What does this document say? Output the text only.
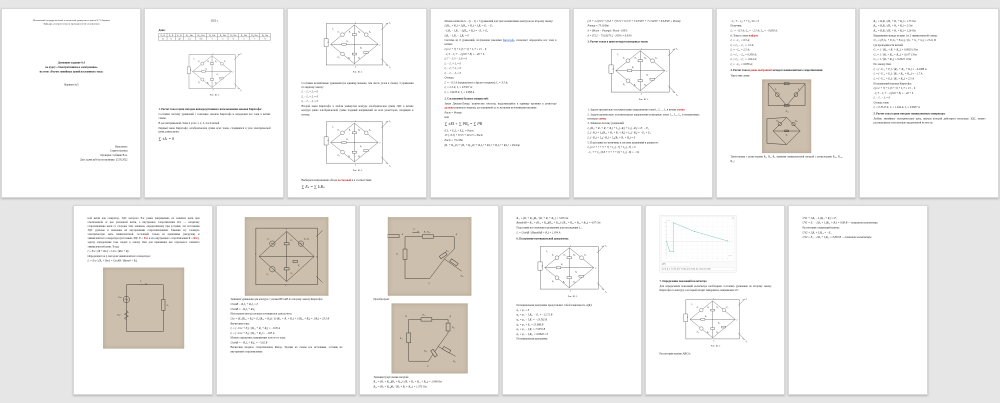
Московский государственный технический университет имени Н.Э. Баумана
Кафедра электротехники и промышленной электроники
Домашнее задание №1
по курсу «Электротехника и электроника»
на тему «Расчет линейных цепей постоянного тока»
Вариант №5
Выполнил:
Студент группы
Проверил: Себякин В.А.
Дата сдачи работы на проверку: 25.05.2022
2022 г.
Дано:
E₁, В	E₂, В	E₃, В	R₀₁, Ом	R₀₂, Ом	R₁, Ом	R₂, Ом	R₃, Ом	R₄, Ом	R₅, Ом	R₆, Ом
15	6	40	1.2	0.8	7	5	6	5	7	8
I₂
I₃
I₁
1
2
3
4
E₁	E₂
E₃
R₁ R₂
R₃ R₆
R₅
R₄
Рис. Б1.5
1. Расчет тока в цепи методом непосредственного использования законов Кирхгофа:
Составим систему уравнений с помощью законов Кирхгофа и определим все токи в ветвях схемы.
В рассматриваемой схеме 4 узла: 1, 2, 3, 4 и 6 ветвей
Первый закон Кирхгофа: алгебраическая сумма всех токов, сходящихся в узле электрической цепи, равна нулю:
∑ ±Iₖ = 0
I₂
I₃
I₁
1
2
3
4
E₁	E₂
E₃
R₁ R₂
R₃ R₆
R₅
R₄
Рис. Б1.5
Составим независимые уравнения (на единицу меньше, чем число узлов в схеме). 3 уравнения по первому закону:
I₁ − I₄ + I₅ = 0
I₂ − I₅ + I₆ = 0
I₃ − I₄ − I₆ = 0
Второй закон Кирхгофа: в любом замкнутом контуре алгебраическая сумма ЭДС в ветвях контура равна алгебраической сумме падений напряжений на всех резисторах, входящих в контур.
I₂
I₃
I₁
1
2
3
4
E₁	E₂
E₃
R₁ R₂
R₃ R₆
R₅
R₄
Рис. Б1.5
Выбираем направления обхода по часовой и в соответствии:
∑ Eₖ = ∑ IₖRₖ
Можно написать k − (y − 1) = 3 уравнений для трех независимых контуров по второму закону:
I₁(R₀₁ + R₁) + I₄(R₀₄ + R₄) + I₅R₅ = E₁ − E₂
−I₂R₂ − I₅R₅ − I₆(R₀₆ + R₆) = −E₂ + E₃
I₃R₃ − I₄R₄ − I₆R₆ = 0
Система из 6 уравнений, полученная законами Кирхгофа, позволяет определить все токи в ветвях:
I₁(1.2 + 7) + I₄(5 + 5) + I₅·7 = 15 − 6
−I₂·5 − I₅·7 − I₆(0.8 + 8) = −40 + 6
I₃·7 − I₄·5 − I₆·8 = 0
I₁ − I₄ + I₅ = 0
I₂ − I₅ + I₆ = 0
I₃ − I₄ − I₆ = 0
Отсюда:
I₁ = −0.5 А (направление в другую сторону); I₂ = 3.5 А;
I₃ = 2.5 А; I₄ = 0.3507 А;
I₅ = 1.9478 А; I₆ = 0.858 А
2. Составление баланса мощностей:
Закон Джоуля-Ленца: количество теплоты, выделяющейся в единицу времени в резисторе должно равняться энергии, доставляемой за то же время источниками питания:
Pист = Pпотр
или
∑ ±EI + ∑ I²R₀ = ∑ I²R
E₁I₁ + E₂I₂ + E₃I₃ = Pист
15·(−0.5) + 6·3.5 + 40·2.5 = Pист
Pист = 73.2 Вт
(R₁ + R₀₁)I₁² + (R₂ + R₀₂)I₂² + R₃I₃² + R₄I₄² + R₅I₅² + R₆I₆² = Pпотр
(15 + 1.2)·0.5² + (0.8 + 7)·3.5² + 6·2.5² + 5·0.3507² + 7·1.9478² + 8·0.858² = Pпотр
Pпотр = 73.18 Вт
δ = (Pист − Pпотр) / Pист · 100%
δ = (73.2 − 73.18)/73.2 · 100% = 0.03%
3. Расчет токов в цепи методом контурных токов:
I₂
I₃
I₁
1
2
3
4
E₁	E₂
E₃
R₁ R₂
R₃ R₆
R₅
R₄
Рис. Б1.5
1. Задаем произвольно положительные направления токов I₁, I₂ … I₆ в ветвях схемы
2. Задаем произвольно положительные направления контурных токов I₁₁, I₂₂, I₃₃ в независимых контурах схемы
3. Запишем систему уравнений:
I₁₁(R₀₁ + R₁ + R₄ + R₅) + I₂₂(−R₅) + I₃₃(−R₄) = E₁ − E₂
I₁₁(−R₅) + I₂₂(R₀₂ + R₂ + R₅ + R₆) + I₃₃(−R₆) = −E₂ + E₃
I₁₁(−R₄) + I₂₂(−R₆) + I₃₃(R₃ + R₄ + R₆) = 0
5. Подставим все величины в систему уравнений и решим ее:
I₁₁(1.2 + 7 + 5 + 7) + I₂₂(−7) + I₃₃(−5) = 9
−I₁₁·7 + I₂₂·(0.8 + 5 + 7 + 8) + I₃₃·(−8) = −34
−I₁₁·5 − I₂₂·7 + I₃₃·20 = 0
Получим:
I₁₁ = −0.5 А; I₂₂ = −2.5 А; I₃₃ = −0.858 А.
6. Токи в схеме найдем:
I₁ = −I₁₁ = 0.5 А;
I₂ = I₂₂ − I₁₁ = 1.5 А;
I₃ = −I₂₂ = 2.5 А;
I₄ = I₁₁ − I₃₃ = 0.358 А;
I₅ = I₂₂ − I₁₁ = 1.944 А;
I₆ = −I₃₃ = 0.858 А;
4. Расчет тока в ранее выбранной методом эквивалентного сопротивления:
Упростим схему:
E₁ E₂
R₃₅
R₃₆ R₅₆
R₄
Треугольник с резисторами R₃, R₅, R₆ заменим эквивалентной звездой с резисторами R₃₅, R₃₆, R₅₆:
R₃₅ = R₃R₅ / (R₃ + R₅ + R₆) = 1.75 Ом
R₃₆ = R₃R₆ / (R₃ + R₅ + R₆) = 2 Ом
R₅₆ = R₅R₆ / (R₃ + R₅ + R₆) = 1.28 Ом
Напряжение между узлами 1 и 2 эквивалентной схемы:
U₁₂ = (E₁G₁ + E₂G₂ + E₃G₃) / (G₁ + G₂ + G₃) = 15.21 В
где проводимости ветвей:
G₁ = 1 / (R₀₁ + R₁ + R₃₅) = 0.0920 1/Ом
G₂ = 1 / (R₂ + R₀₂ + R₅₆) = 0.107 1/Ом
G₃ = 1 / (R₃ + R₃₆) = 0.0925 1/Ом
По закону Ома:
I₁ = (−U₁₂ + E₁) / (R₀₁ + R₃₅ + R₁) = −0.2988 А
I₂ = (−U₁₂ + E₂) / (R₂ + R₀₂ + R₅₆) = −1.7 А
I₃ = (−U₁₂ + E₃) / (R₃ + R₃₆) = 2.5 А
Из уравнений законов Кирхгофа:
I₁(1.2 + 7) + I₄(5 + 5) + I₅·7 = 15 − 6
−I₂·5 − I₅·7 − I₆(0.8 + 8) = −40 + 6
I₄ − I₁ − I₅ = 0
Отсюда токи:
I₄ = 0.3547 А; I₅ = 1.944 А; I₆ = 0.8567 А
5. Расчет тока в цепи методом эквивалентного генератора:
Любую линейную электрическую цепь, внутри которой действуют несколько ЭДС, можно рассматривать относительно выделенной из нее од-
ной ветви как генератор, ЭДС которого Eэг равна напряжению на зажимах цепи при отключенной от нее указанной ветви, а внутреннее сопротивление Rэг — входному сопротивлению цепи со стороны этих зажимов, определяемому при условии, что источники ЭДС удалены и заменены их внутренними сопротивлениями. Заменив эту сложную электрическую цепь эквивалентной, состоящей только из приемника (нагрузки) и эквивалентного генератора (источника ЭДС E = Eэг и его внутреннего сопротивления R = Rэг), задачу определения тока сводят к закону Ома для приемника как отдельного элемента эквивалентной цепи. Тогда:
I = Eэг / (R + Rэг) = Uхх / (Rвх + R)
Определим ток I₅ методом эквивалентного генератора:
I₅ = Eэг / (R₅ + Rэг) = UххАВ / (Rвход + R₅)
I₅
Eэг
Rэг
R₅
А
В
С
Г
E₁	E₂, R₂
E₃
R₁
R₃
R₄
Запишем уравнения для контура с узлами ВГСАВ по второму закону Кирхгофа:
UххАВ − R₂I₂ + R₃I₃ = 0
UххАВ = −R₂I₂ + R₃I₃
Используем метод узловых потенциалов для расчета:
Uвг = (E₂/(R₀₂ + R₂) + E₃/(R₀₃ + R₃)) / (1/(R₀₁ + R₁ + R₄) + 1/(R₀₂ + R₂) + 1/R₃) = 23.5 В
Вычислим токи:
I₂ = (−Uвг + E₂) / (R₀₂ + R₂ + R₆) = −0.05 А
I₃ = (−Uвг + E₃) / (R₀₃ + R₃) = −1.83 А
Можно определить напряжение холостого хода:
UххАВ = −R₂I₂ + R₃I₃ = −5.62 В
Вычислим входное сопротивление Rвход. Удалим из схемы все источники, оставив их внутренние сопротивления:
В	Д
С
R₂+R₀₂
R₁
R₅₆
R₃₅
I₅'
Преобразуем:
В	Д
С
R₁₂
R₁₃
R₂₃
R₅₆
R₃₅
Заменим треугольник звездой:
R₁₂ = (R₁ + R₀₁)(R₂ + R₀₂) / (R₁ + R₂ + R₀₁ + R₀₂) = 1.048 Ом
R₂₃ = (R₂ + R₀₂)R₃ / (R₂ + R₃ + R₀₂) = 1.373 Ом
R₁₃ = (R₁ + R₀₁)R₃ / (R₁ + R₃ + R₀₁) = 5.83 Ом
RвходАВ = R₁₂ + (R₁₃ + R₃₅)(R₂₃ + R₅₆) / (R₁₃ + R₃₅ + R₂₃ + R₅₆) = 4.07 Ом
Подставим все значения в уравнение для нахождения I₅:
I₅ = UххАВ / (RвходАВ + R₅) = 1.954 А
6. Построение потенциальной диаграммы:
I₂
I₃
I₁
1
2
3
4
E₁	E₂
E₃
R₁ R₂
R₃ R₆
R₅
R₄
Рис. Б1.5
Потенциальная диаграмма представляет собой зависимость φ(R):
φ₁ = φ₄ = 0
φ₂ = φ₁ − I₁R₀₁ − E₁ = −12.72 В
φ₃ = φ₂ − I₁R₁ = −13.562 В
φ₄ = φ₃ + E₃ = 25.088 В
φ₅ = φ₄ − I₂R₂ = 7.5055 В
φ₆ = φ₅ − I₂R₀₂ = 0.8628 ≈ 0
Потенциальная диаграмма:
0 2 4 6 8 10 12 14 16 18 20 22 24
25
20
15
10
5
0
-5
-10
-15
φ, В
R, Ом
⚙
φ(R)
(0, 0), (1.2, −12.72), (2.6, −13.56), (2.6, 25.09), (11, 13.5), (24, 0.86)
7. Определение показаний вольтметра
Для определения показаний вольтметра необходимо составить уравнение по второму закону Кирхгофа по контуру, в который входит измеряемое напряжение Uv:
I₂
I₃
I₁
1
2
3
4
E₁	E₂
E₃
R₁ R₂
R₃ R₆
R₅
R₄
Рис. Б1.5
Рассмотрим контур АВСА:
UV1 + I₅R₅ − I₁(R₀₁ + R₁) = E₁
UV1 = E₁ − I₅R₅ + I₁(R₀₁ + R₁) = 9.88 В — показания вольтметра
Рассмотрим следующий контур:
UV2 + I₅R₅ + I₂R₀₂ = −E₂
UV2 = E₂ − I₅R₅ + I₂R₀₂ = 0.865 В — показания вольтметра
